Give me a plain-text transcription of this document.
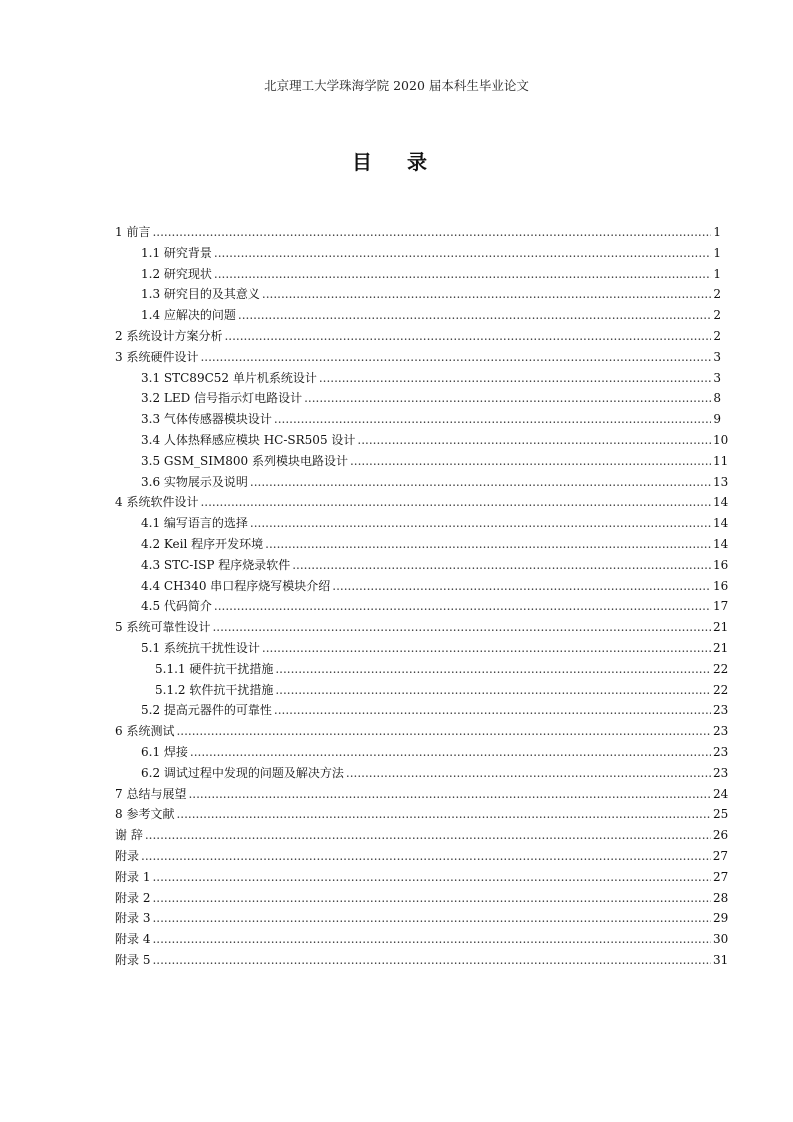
北京理工大学珠海学院 2020 届本科生毕业论文
目 录
1 前言 .....	1
1.1 研究背景 .....	1
1.2 研究现状 .....	1
1.3 研究目的及其意义 .....	2
1.4 应解决的问题 .....	2
2 系统设计方案分析 .....	2
3 系统硬件设计 .....	3
3.1 STC89C52 单片机系统设计 .....	3
3.2 LED 信号指示灯电路设计 .....	8
3.3 气体传感器模块设计 .....	9
3.4 人体热释感应模块 HC-SR505 设计 .....	10
3.5 GSM_SIM800 系列模块电路设计 .....	11
3.6 实物展示及说明 .....	13
4 系统软件设计 .....	14
4.1 编写语言的选择 .....	14
4.2 Keil 程序开发环境 .....	14
4.3 STC-ISP 程序烧录软件 .....	16
4.4 CH340 串口程序烧写模块介绍 .....	16
4.5 代码简介 .....	17
5 系统可靠性设计 .....	21
5.1 系统抗干扰性设计 .....	21
5.1.1 硬件抗干扰措施 .....	22
5.1.2 软件抗干扰措施 .....	22
5.2 提高元器件的可靠性 .....	23
6 系统测试 .....	23
6.1 焊接 .....	23
6.2 调试过程中发现的问题及解决方法 .....	23
7 总结与展望 .....	24
8 参考文献 .....	25
谢 辞 .....	26
附录 .....	27
附录 1 .....	27
附录 2 .....	28
附录 3 .....	29
附录 4 .....	30
附录 5 .....	31
